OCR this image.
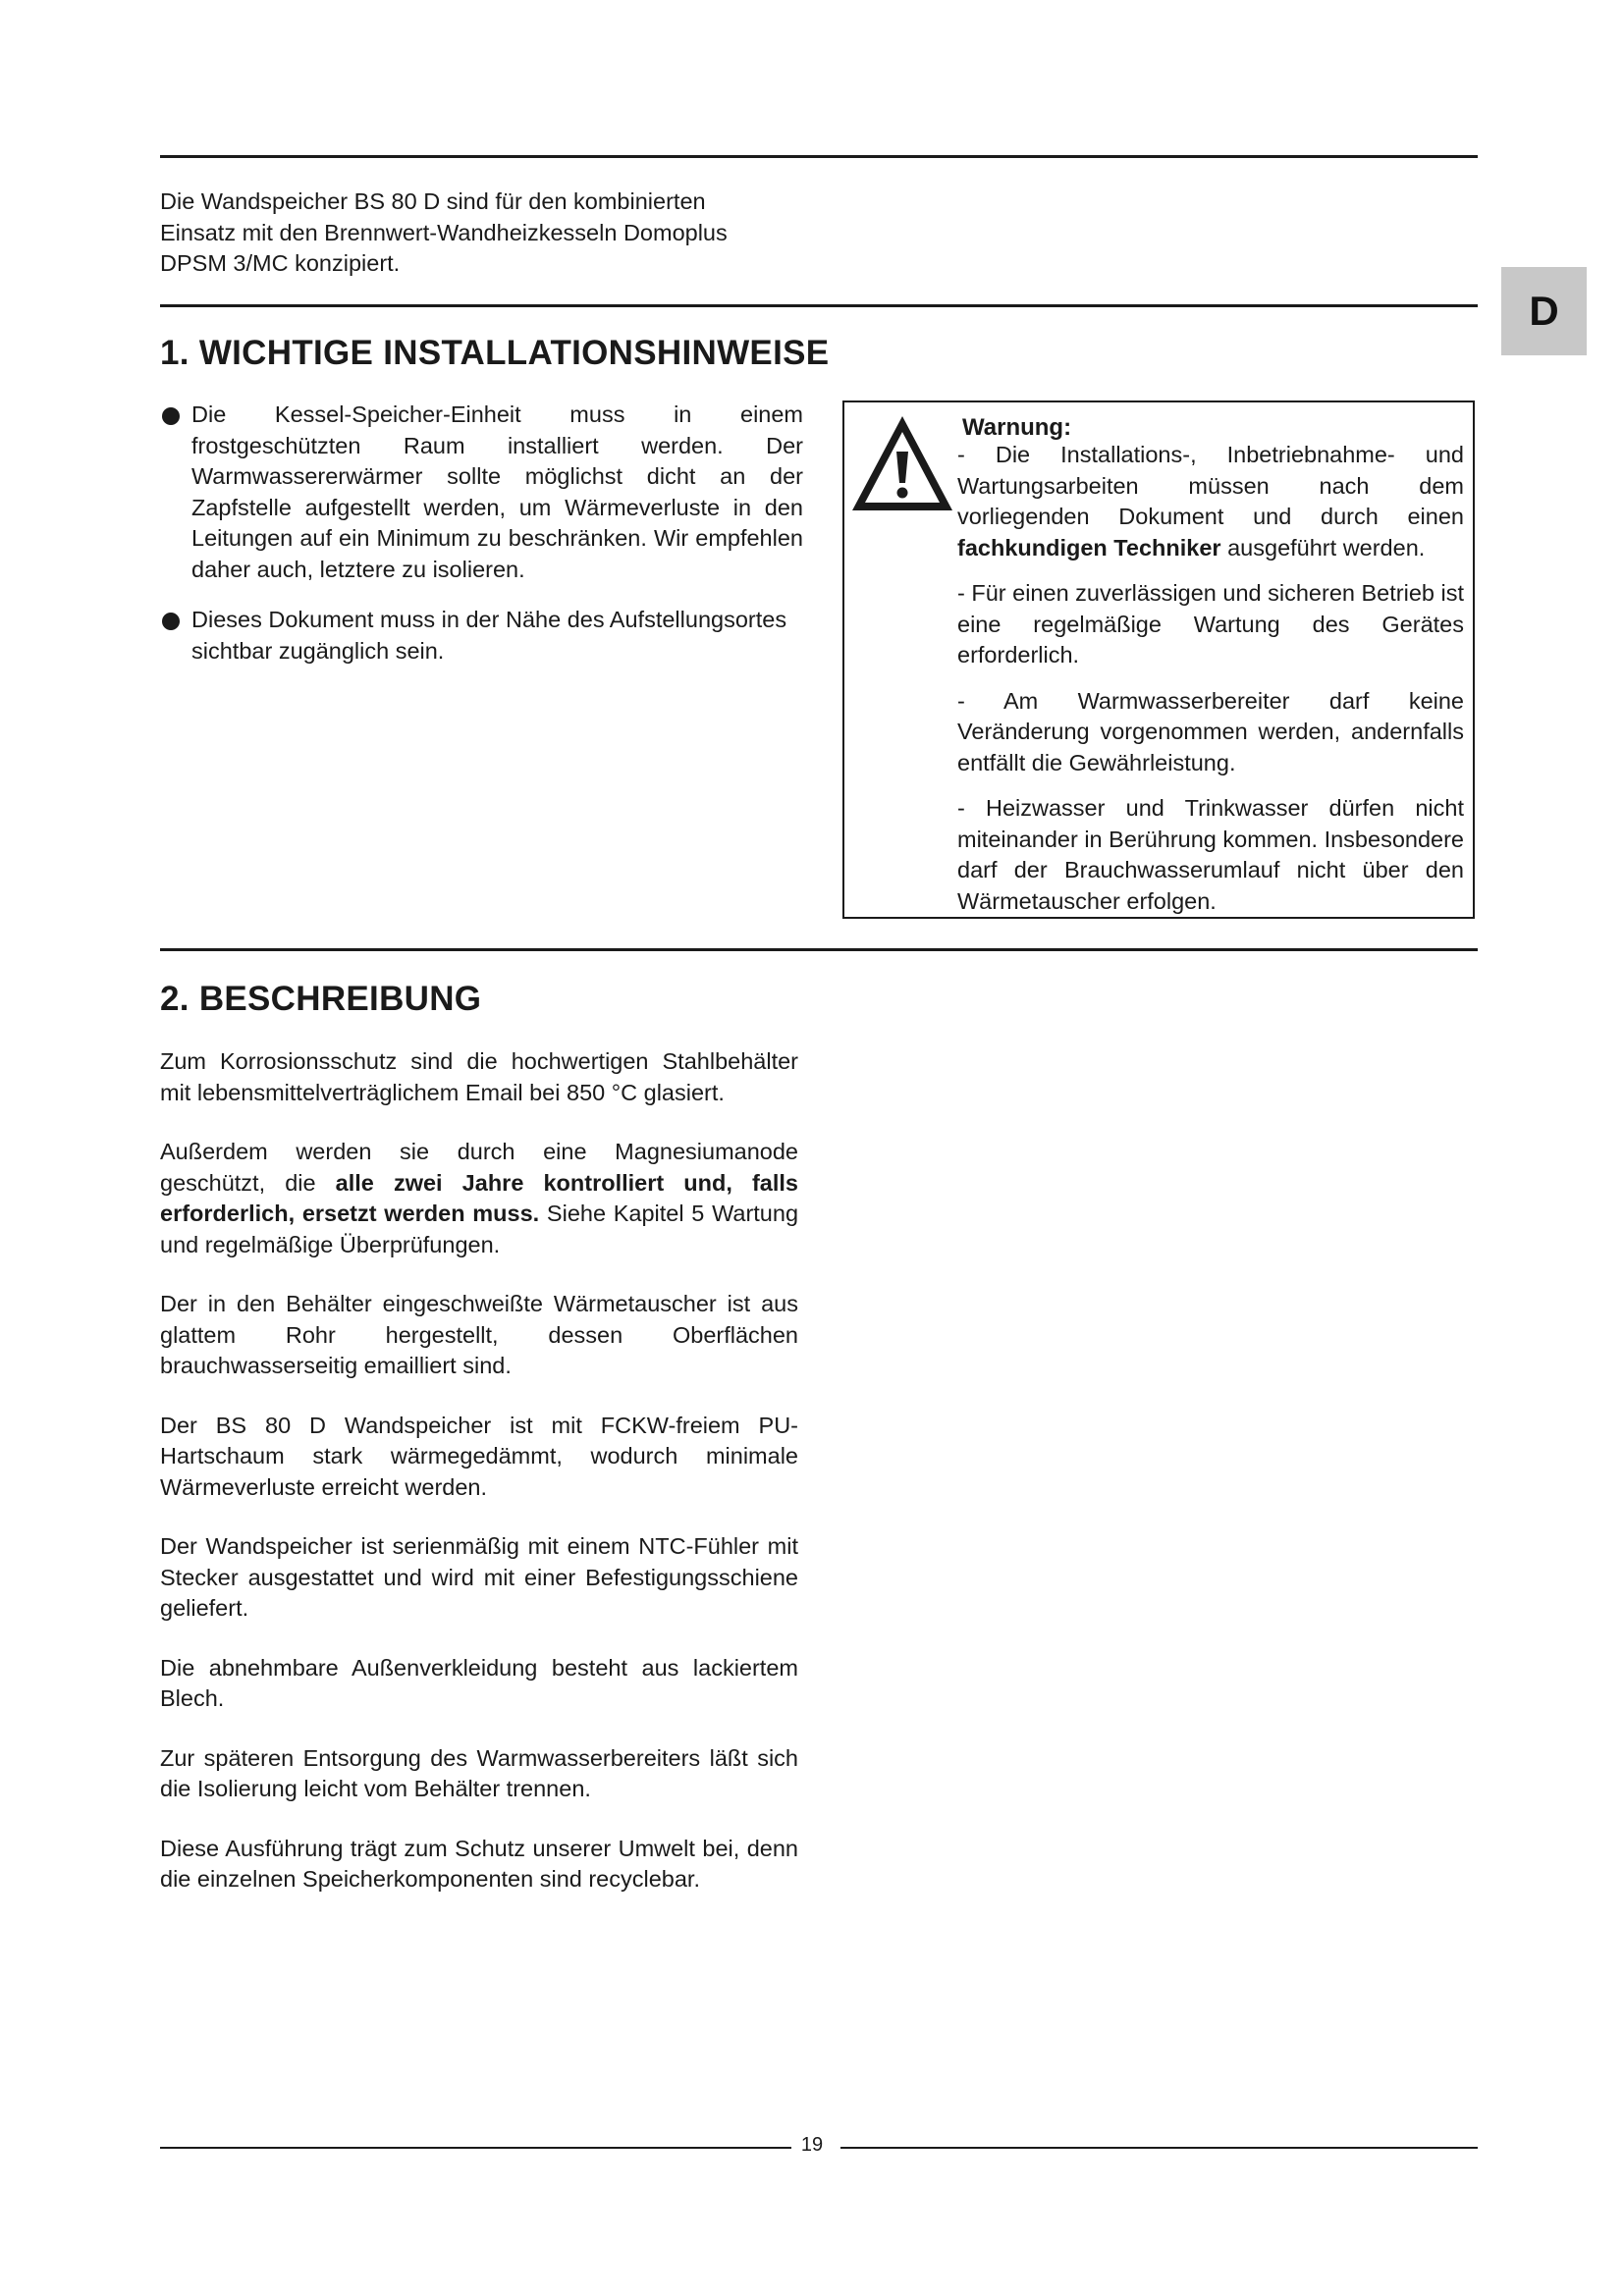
Die Wandspeicher BS 80 D sind für den kombinierten
Einsatz mit den Brennwert-Wandheizkesseln Domoplus
DPSM 3/MC konzipiert.
D
1. WICHTIGE INSTALLATIONSHINWEISE
Die Kessel-Speicher-Einheit muss in einem frostgeschützten Raum installiert werden. Der Warmwassererwärmer sollte möglichst dicht an der Zapfstelle aufgestellt werden, um Wärmeverluste in den Leitungen auf ein Minimum zu beschränken. Wir empfehlen daher auch, letztere zu isolieren.
Dieses Dokument muss in der Nähe des Aufstellungsortes sichtbar zugänglich sein.
Warnung:

- Die Installations-, Inbetriebnahme- und Wartungsarbeiten müssen nach dem vorliegenden Dokument und durch einen fachkundigen Techniker ausgeführt werden.

- Für einen zuverlässigen und sicheren Betrieb ist eine regelmäßige Wartung des Gerätes erforderlich.

- Am Warmwasserbereiter darf keine Veränderung vorgenommen werden, andernfalls entfällt die Gewährleistung.

- Heizwasser und Trinkwasser dürfen nicht miteinander in Berührung kommen. Insbesondere darf der Brauchwasserumlauf nicht über den Wärmetauscher erfolgen.

2. BESCHREIBUNG

Zum Korrosionsschutz sind die hochwertigen Stahlbehälter mit lebensmittelverträglichem Email bei 850 °C glasiert.

Außerdem werden sie durch eine Magnesiumanode geschützt, die alle zwei Jahre kontrolliert und, falls erforderlich, ersetzt werden muss. Siehe Kapitel 5 Wartung und regelmäßige Überprüfungen.

Der in den Behälter eingeschweißte Wärmetauscher ist aus glattem Rohr hergestellt, dessen Oberflächen brauchwasserseitig emailliert sind.

Der BS 80 D Wandspeicher ist mit FCKW-freiem PU-Hartschaum stark wärmegedämmt, wodurch minimale Wärmeverluste erreicht werden.

Der Wandspeicher ist serienmäßig mit einem NTC-Fühler mit Stecker ausgestattet und wird mit einer Befestigungsschiene geliefert.

Die abnehmbare Außenverkleidung besteht aus lackiertem Blech.

Zur späteren Entsorgung des Warmwasserbereiters läßt sich die Isolierung leicht vom Behälter trennen.

Diese Ausführung trägt zum Schutz unserer Umwelt bei, denn die einzelnen Speicherkomponenten sind recyclebar.

19
